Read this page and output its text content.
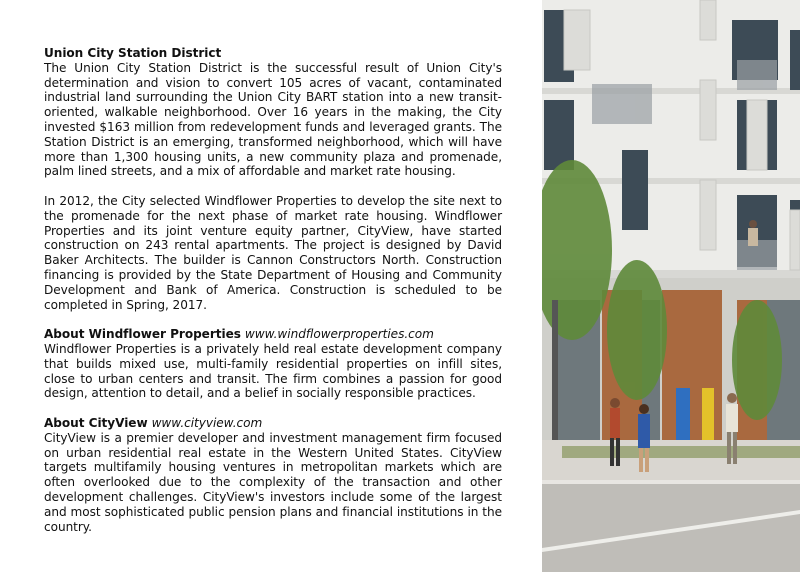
Union City Station District

The Union City Station District is the successful result of Union City's determination and vision to convert 105 acres of vacant, contaminated industrial land surrounding the Union City BART station into a new transit-oriented, walkable neighborhood. Over 16 years in the making, the City invested $163 million from redevelopment funds and leveraged grants. The Station District is an emerging, transformed neighborhood, which will have more than 1,300 housing units, a new community plaza and promenade, palm lined streets, and a mix of affordable and market rate housing.

In 2012, the City selected Windflower Properties to develop the site next to the promenade for the next phase of market rate housing. Windflower Properties and its joint venture equity partner, CityView, have started construction on 243 rental apartments. The project is designed by David Baker Architects. The builder is Cannon Constructors North. Construction financing is provided by the State Department of Housing and Community Development and Bank of America. Construction is scheduled to be completed in Spring, 2017.

About Windflower Properties www.windflowerproperties.com

Windflower Properties is a privately held real estate development company that builds mixed use, multi-family residential properties on infill sites, close to urban centers and transit. The firm combines a passion for good design, attention to detail, and a belief in socially responsible practices.

About CityView www.cityview.com

CityView is a premier developer and investment management firm focused on urban residential real estate in the Western United States. CityView targets multifamily housing ventures in metropolitan markets which are often overlooked due to the complexity of the transaction and other development challenges. CityView's investors include some of the largest and most sophisticated public pension plans and financial institutions in the country.
